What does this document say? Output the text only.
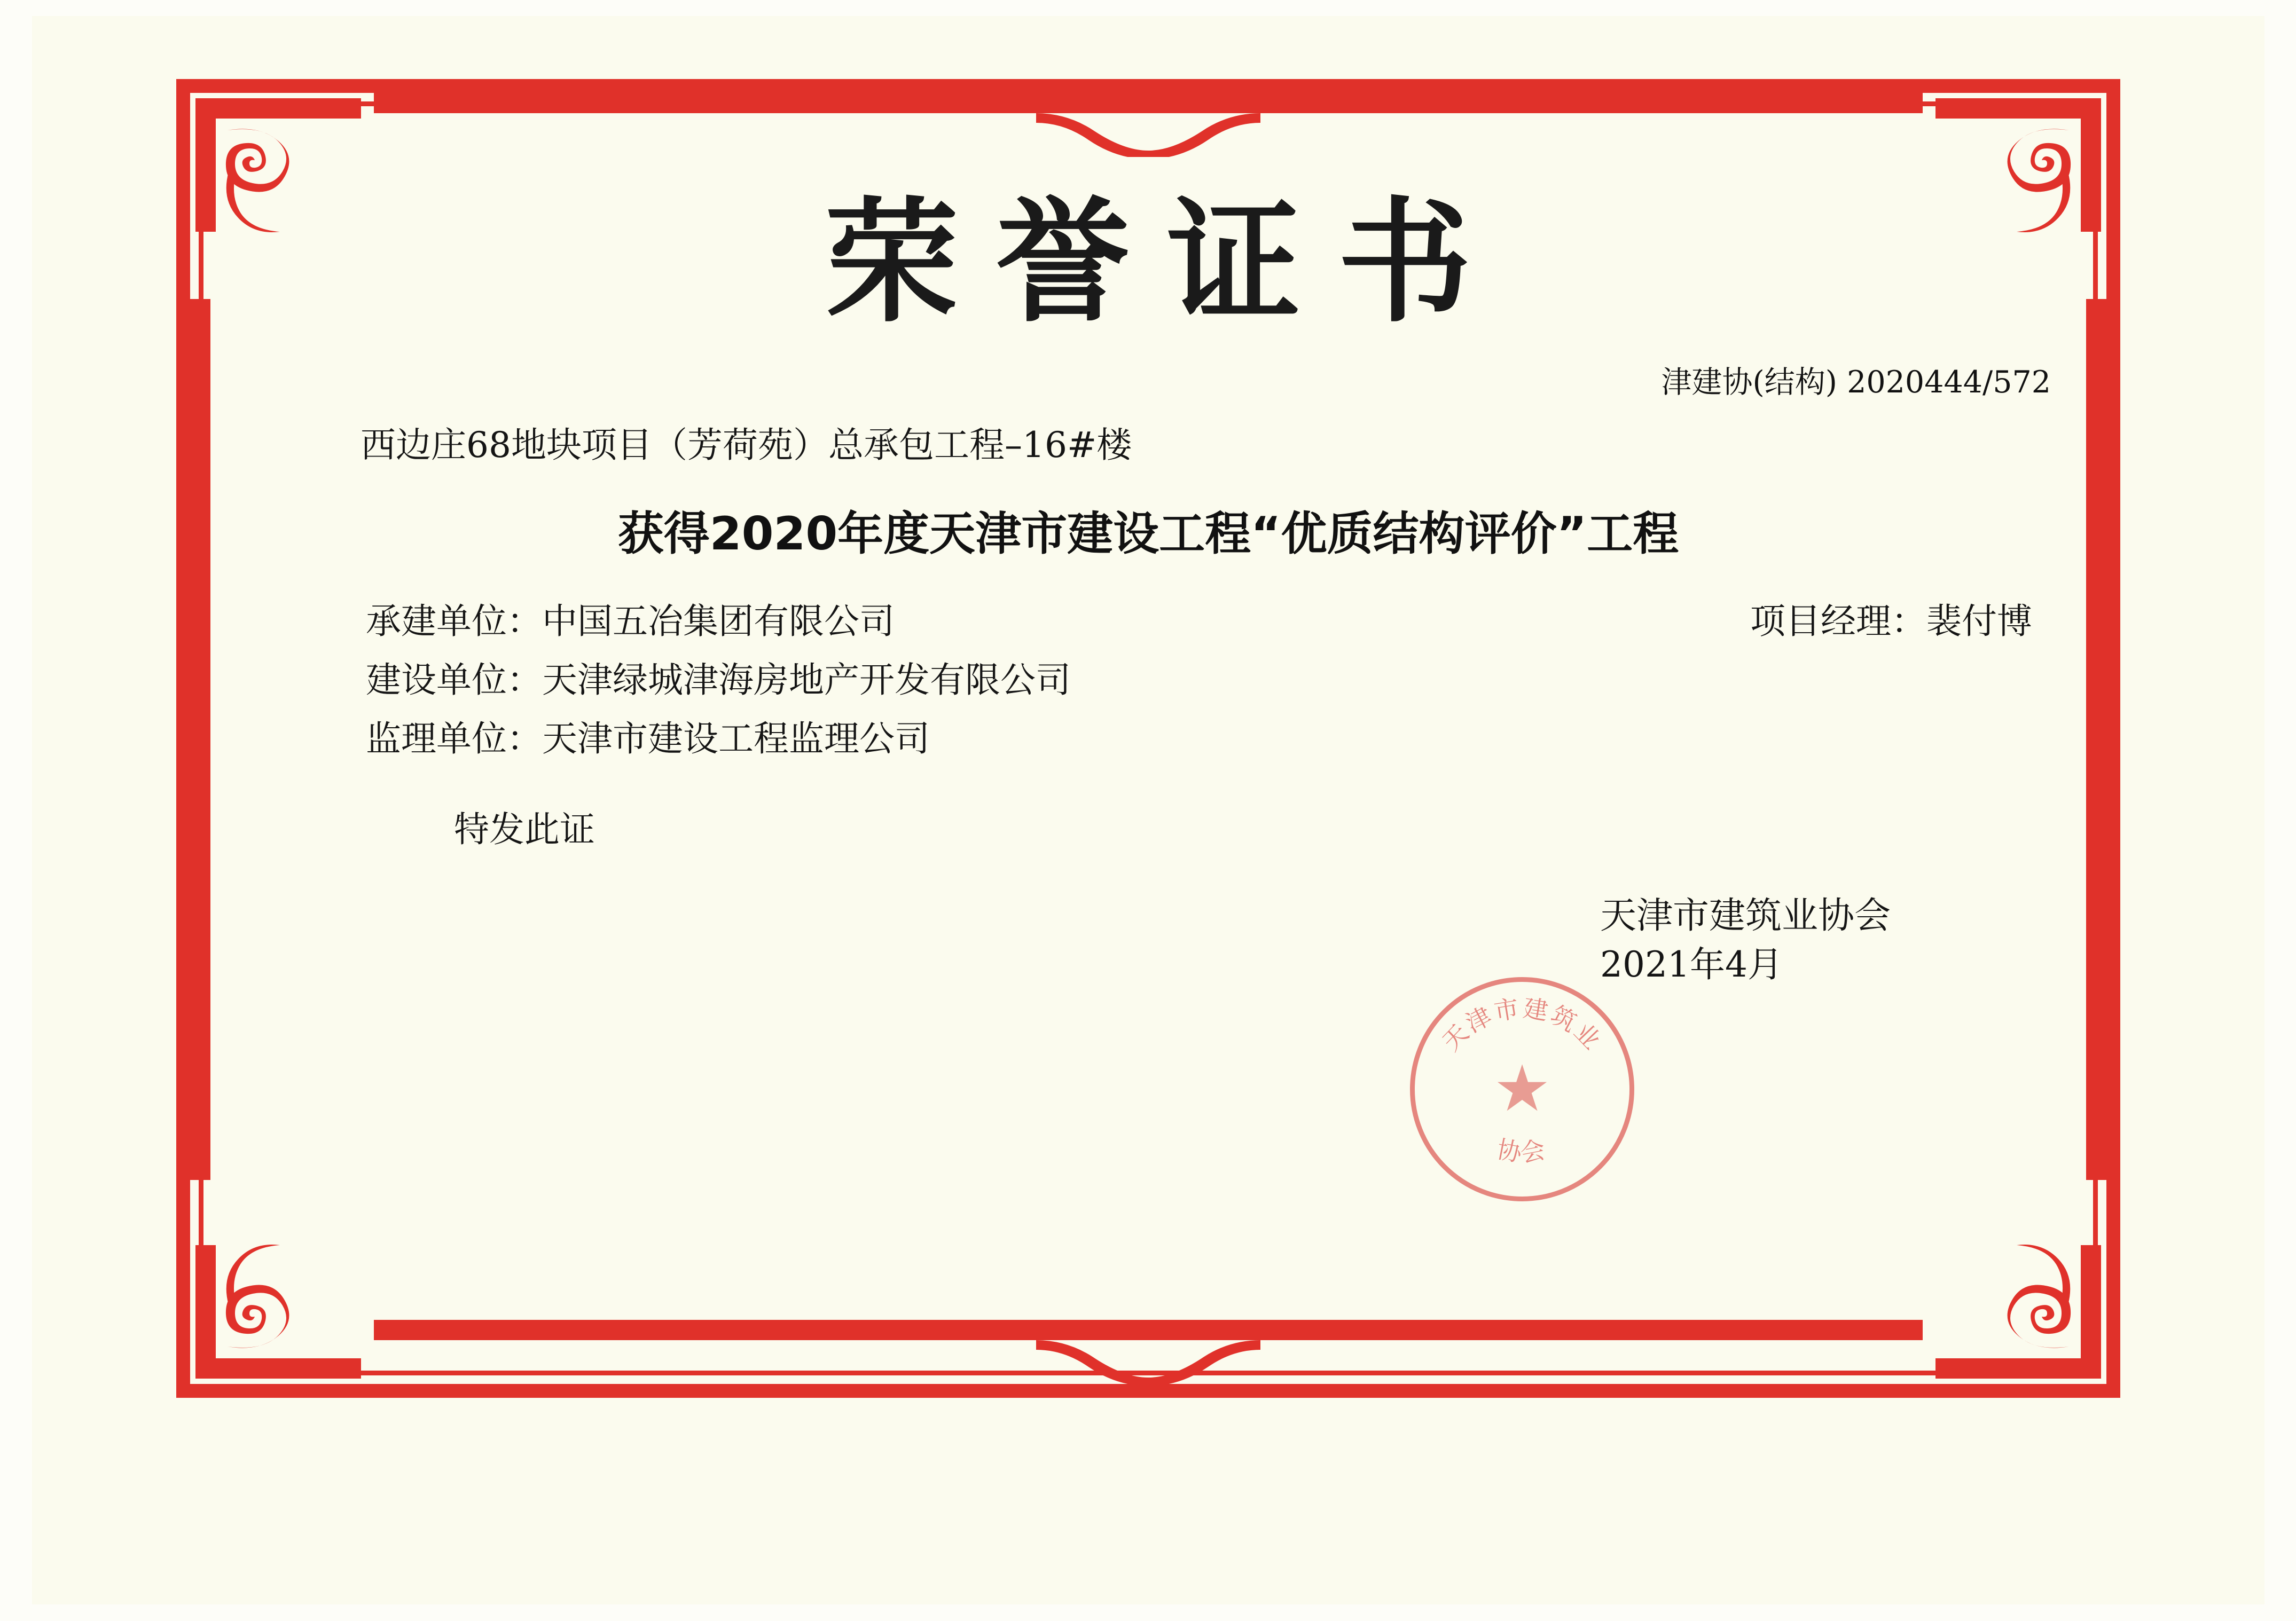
荣誉证书
津建协(结构) 2020444/572
西边庄68地块项目（芳荷苑）总承包工程–16#楼
获得2020年度天津市建设工程“优质结构评价”工程
承建单位：中国五冶集团有限公司	项目经理：裴付博
建设单位：天津绿城津海房地产开发有限公司
监理单位：天津市建设工程监理公司
特发此证
天津市建筑业协会
2021年4月
天津市建筑业
协会
★
